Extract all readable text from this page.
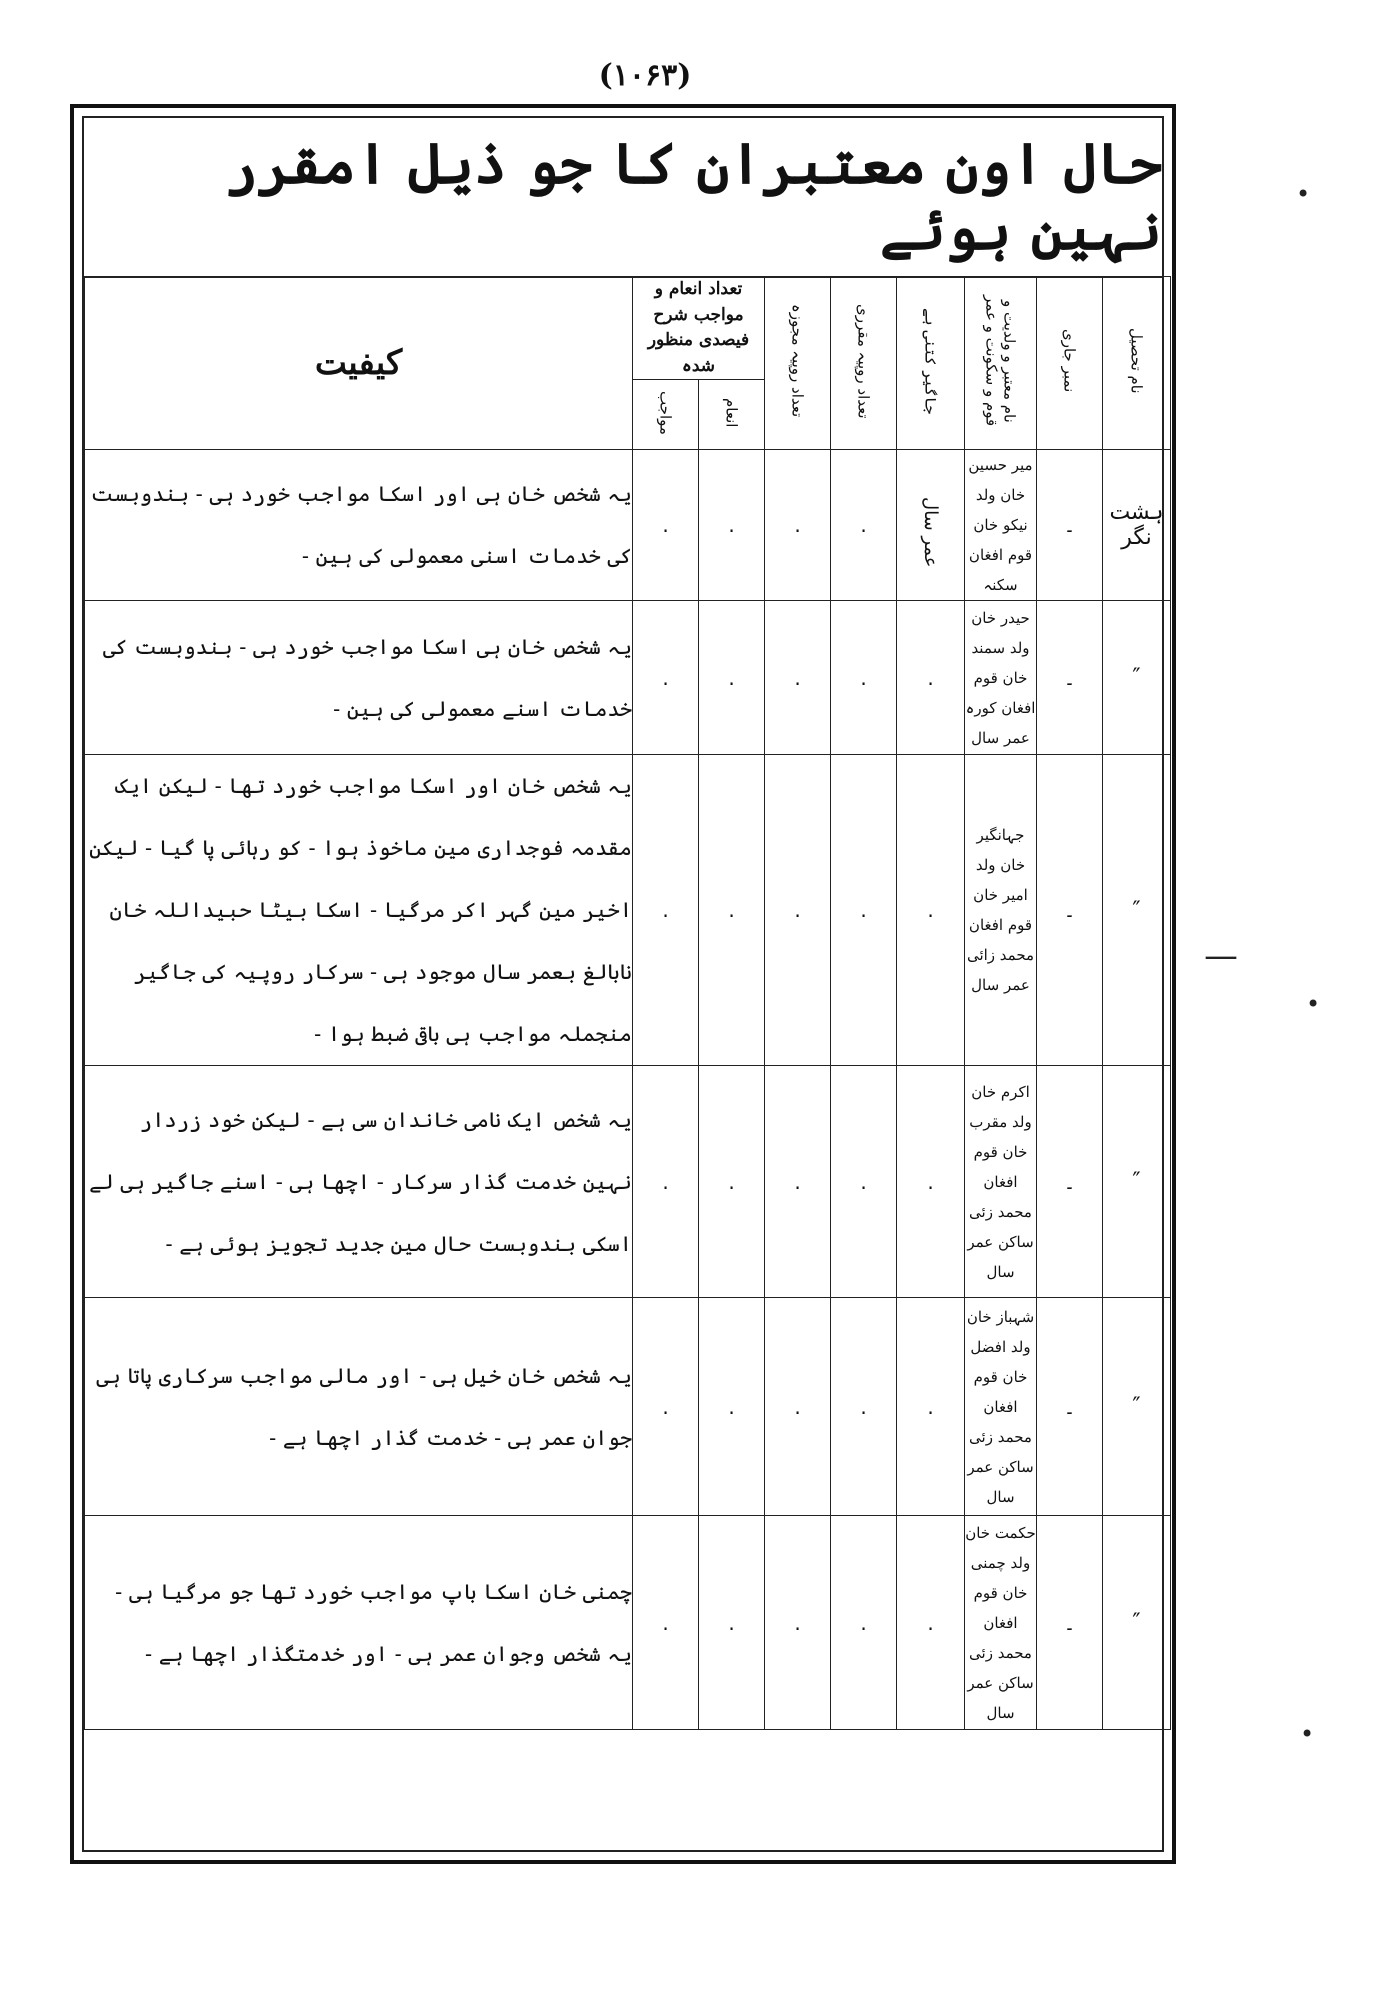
(۱۰۶۳)
حال اون معتبران کا جو ذیل امقرر نہین ہوئے
نام تحصیل	نمبر جاری	نام معتبر و ولدیت و قوم و سکونت و عمر	جاگیر کتنی ہے	تعداد روپیہ مقرری	تعداد روپیہ مجوزہ	تعداد انعام و مواجب شرح فیصدی منظور شدہ		کیفیت
						انعام	مواجب	
ہشت نگر	۔	میر حسین خان ولد نیکو خان قوم افغان سکنہ	عمر سال	.	.	.	.	یہ شخص خان ہی اور اسکا مواجب خورد ہی - بندوبست کی خدمات اسنی معمولی کی ہین -
″	۔	حیدر خان ولد سمند خان قوم افغان کورہ عمر سال	.	.	.	.	.	یہ شخص خان ہی اسکا مواجب خورد ہی - بندوبست کی خدمات اسنے معمولی کی ہین -
″	۔	جہانگیر خان ولد امیر خان قوم افغان محمد زائی عمر سال	.	.	.	.	.	یہ شخص خان اور اسکا مواجب خورد تھا - لیکن ایک مقدمہ فوجداری مین ماخوذ ہوا - کو رہائی پا گیا - لیکن اخیر مین گہر اکر مرگیا - اسکا بیٹا حبیداللہ خان نابالغ بعمر سال موجود ہی - سرکار روپیہ کی جاگیر منجملہ مواجب ہی باقی ضبط ہوا -
″	۔	اکرم خان ولد مقرب خان قوم افغان محمد زئی ساکن عمر سال	.	.	.	.	.	یہ شخص ایک نامی خاندان سی ہے - لیکن خود زردار نہین خدمت گذار سرکار - اچھا ہی - اسنے جاگیر ہی لے اسکی بندوبست حال مین جدید تجویز ہوئی ہے -
″	۔	شہباز خان ولد افضل خان قوم افغان محمد زئی ساکن عمر سال	.	.	.	.	.	یہ شخص خان خیل ہی - اور مالی مواجب سرکاری پاتا ہی جوان عمر ہی - خدمت گذار اچھا ہے -
″	۔	حکمت خان ولد چمنی خان قوم افغان محمد زئی ساکن عمر سال	.	.	.	.	.	چمنی خان اسکا باپ مواجب خورد تھا جو مرگیا ہی - یہ شخص وجوان عمر ہی - اور خدمتگذار اچھا ہے -
•
—
•
•
